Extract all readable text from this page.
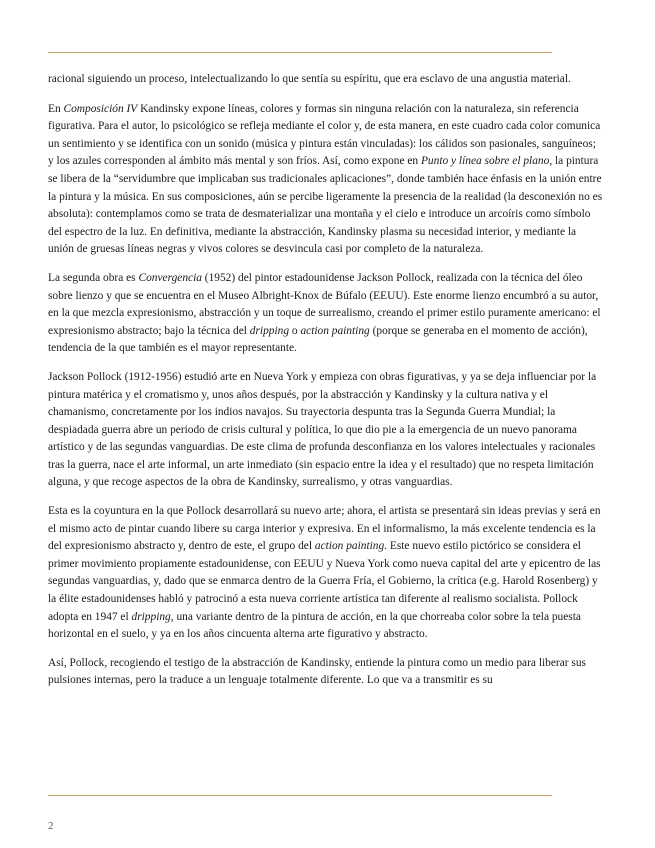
racional siguiendo un proceso, intelectualizando lo que sentía su espíritu, que era esclavo de una angustia material.

En Composición IV Kandinsky expone líneas, colores y formas sin ninguna relación con la naturaleza, sin referencia figurativa. Para el autor, lo psicológico se refleja mediante el color y, de esta manera, en este cuadro cada color comunica un sentimiento y se identifica con un sonido (música y pintura están vinculadas): los cálidos son pasionales, sanguíneos; y los azules corresponden al ámbito más mental y son fríos. Así, como expone en Punto y línea sobre el plano, la pintura se libera de la “servidumbre que implicaban sus tradicionales aplicaciones”, donde también hace énfasis en la unión entre la pintura y la música. En sus composiciones, aún se percibe ligeramente la presencia de la realidad (la desconexión no es absoluta): contemplamos como se trata de desmaterializar una montaña y el cielo e introduce un arcoíris como símbolo del espectro de la luz. En definitiva, mediante la abstracción, Kandinsky plasma su necesidad interior, y mediante la unión de gruesas líneas negras y vivos colores se desvincula casi por completo de la naturaleza.

La segunda obra es Convergencia (1952) del pintor estadounidense Jackson Pollock, realizada con la técnica del óleo sobre lienzo y que se encuentra en el Museo Albright-Knox de Búfalo (EEUU). Este enorme lienzo encumbró a su autor, en la que mezcla expresionismo, abstracción y un toque de surrealismo, creando el primer estilo puramente americano: el expresionismo abstracto; bajo la técnica del dripping o action painting (porque se generaba en el momento de acción), tendencia de la que también es el mayor representante.

Jackson Pollock (1912-1956) estudió arte en Nueva York y empieza con obras figurativas, y ya se deja influenciar por la pintura matérica y el cromatismo y, unos años después, por la abstracción y Kandinsky y la cultura nativa y el chamanismo, concretamente por los indios navajos. Su trayectoria despunta tras la Segunda Guerra Mundial; la despiadada guerra abre un periodo de crisis cultural y política, lo que dio pie a la emergencia de un nuevo panorama artístico y de las segundas vanguardias. De este clima de profunda desconfianza en los valores intelectuales y racionales tras la guerra, nace el arte informal, un arte inmediato (sin espacio entre la idea y el resultado) que no respeta limitación alguna, y que recoge aspectos de la obra de Kandinsky, surrealismo, y otras vanguardias.

Esta es la coyuntura en la que Pollock desarrollará su nuevo arte; ahora, el artista se presentará sin ideas previas y será en el mismo acto de pintar cuando libere su carga interior y expresiva. En el informalismo, la más excelente tendencia es la del expresionismo abstracto y, dentro de este, el grupo del action painting. Este nuevo estilo pictórico se considera el primer movimiento propiamente estadounidense, con EEUU y Nueva York como nueva capital del arte y epicentro de las segundas vanguardias, y, dado que se enmarca dentro de la Guerra Fría, el Gobierno, la crítica (e.g. Harold Rosenberg) y la élite estadounidenses habló y patrocinó a esta nueva corriente artística tan diferente al realismo socialista. Pollock adopta en 1947 el dripping, una variante dentro de la pintura de acción, en la que chorreaba color sobre la tela puesta horizontal en el suelo, y ya en los años cincuenta alterna arte figurativo y abstracto.

Así, Pollock, recogiendo el testigo de la abstracción de Kandinsky, entiende la pintura como un medio para liberar sus pulsiones internas, pero la traduce a un lenguaje totalmente diferente. Lo que va a transmitir es su

2
